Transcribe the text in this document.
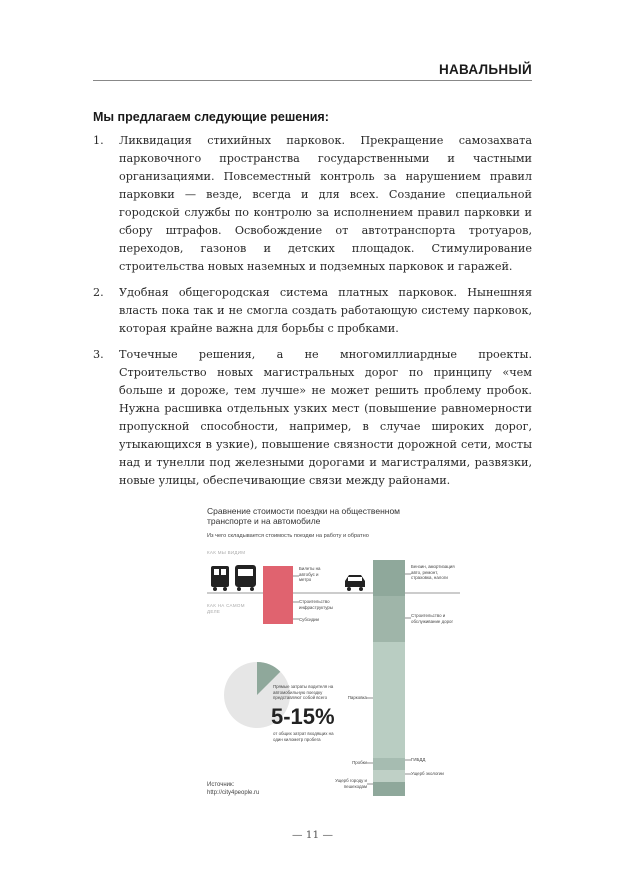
НАВАЛЬНЫЙ
Мы предлагаем следующие решения:
1. Ликвидация стихийных парковок. Прекращение самозахвата парковочного пространства государственными и частными организациями. Повсеместный контроль за нарушением правил парковки — везде, всегда и для всех. Создание специальной городской службы по контролю за исполнением правил парковки и сбору штрафов. Освобождение от автотранспорта тротуаров, переходов, газонов и детских площадок. Стимулирование строительства новых наземных и подземных парковок и гаражей.
2. Удобная общегородская система платных парковок. Нынешняя власть пока так и не смогла создать работающую систему парковок, которая крайне важна для борьбы с пробками.
3. Точечные решения, а не многомиллиардные проекты. Строительство новых магистральных дорог по принципу «чем больше и дороже, тем лучше» не может решить проблему пробок. Нужна расшивка отдельных узких мест (повышение равномерности пропускной способности, например, в случае широких дорог, утыкающихся в узкие), повышение связности дорожной сети, мосты над и тунелли под железными дорогами и магистралями, развязки, новые улицы, обеспечивающие связи между районами.
Сравнение стоимости поездки на общественном транспорте и на автомобиле
Из чего складывается стоимость поездки на работу и обратно
КАК МЫ ВИДИМ
КАК НА САМОМ ДЕЛЕ
Билеты на автобус и метро
Строительство инфраструктуры
Субсидии
Бензин, амортизация авто, ремонт, страховка, налоги
Строительство и обслуживание дорог
ГИБДД
Ущерб экологии
Парковка
Пробки
Ущерб городу и пешеходам
Прямые затраты водителя на автомобильную поездку представляют собой всего
5-15%
от общих затрат входящих на один километр пробега
Источник:
http://city4people.ru
— 11 —
